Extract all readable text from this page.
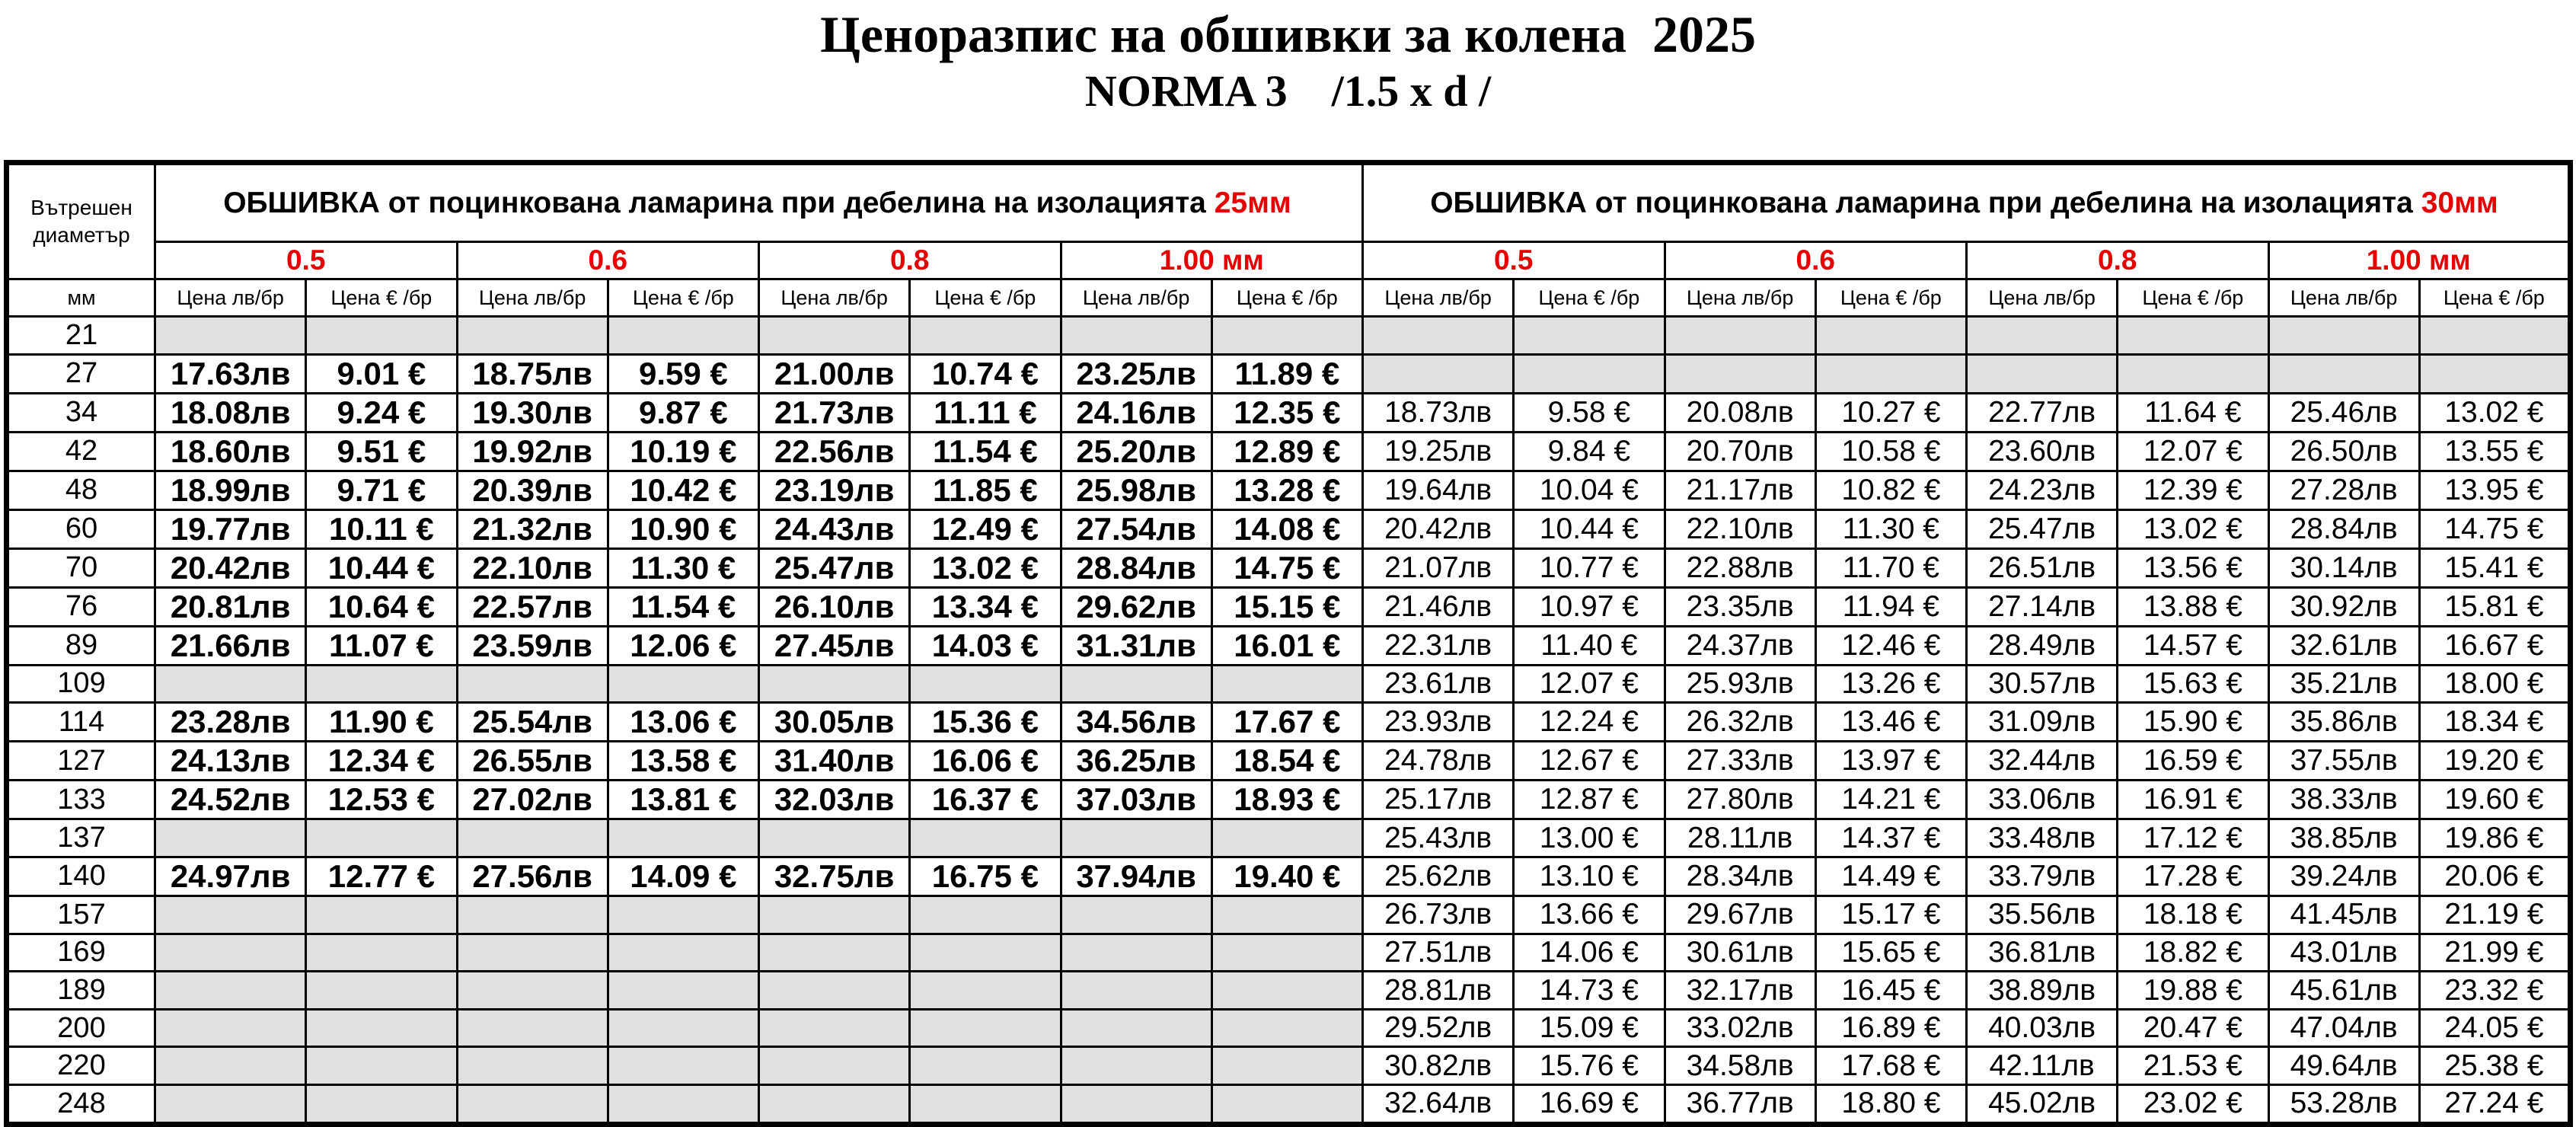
Ценоразпис на обшивки за колена  2025
NORMA 3    /1.5 x d /
Вътрешен диаметър	ОБШИВКА от поцинкована ламарина при дебелина на изолацията 25мм								ОБШИВКА от поцинкована ламарина при дебелина на изолацията 30мм							
	0.5		0.6		0.8		1.00 мм		0.5		0.6		0.8		1.00 мм	
мм	Цена лв/бр	Цена € /бр	Цена лв/бр	Цена € /бр	Цена лв/бр	Цена € /бр	Цена лв/бр	Цена € /бр	Цена лв/бр	Цена € /бр	Цена лв/бр	Цена € /бр	Цена лв/бр	Цена € /бр	Цена лв/бр	Цена € /бр
21																
27	17.63лв	9.01 €	18.75лв	9.59 €	21.00лв	10.74 €	23.25лв	11.89 €								
34	18.08лв	9.24 €	19.30лв	9.87 €	21.73лв	11.11 €	24.16лв	12.35 €	18.73лв	9.58 €	20.08лв	10.27 €	22.77лв	11.64 €	25.46лв	13.02 €
42	18.60лв	9.51 €	19.92лв	10.19 €	22.56лв	11.54 €	25.20лв	12.89 €	19.25лв	9.84 €	20.70лв	10.58 €	23.60лв	12.07 €	26.50лв	13.55 €
48	18.99лв	9.71 €	20.39лв	10.42 €	23.19лв	11.85 €	25.98лв	13.28 €	19.64лв	10.04 €	21.17лв	10.82 €	24.23лв	12.39 €	27.28лв	13.95 €
60	19.77лв	10.11 €	21.32лв	10.90 €	24.43лв	12.49 €	27.54лв	14.08 €	20.42лв	10.44 €	22.10лв	11.30 €	25.47лв	13.02 €	28.84лв	14.75 €
70	20.42лв	10.44 €	22.10лв	11.30 €	25.47лв	13.02 €	28.84лв	14.75 €	21.07лв	10.77 €	22.88лв	11.70 €	26.51лв	13.56 €	30.14лв	15.41 €
76	20.81лв	10.64 €	22.57лв	11.54 €	26.10лв	13.34 €	29.62лв	15.15 €	21.46лв	10.97 €	23.35лв	11.94 €	27.14лв	13.88 €	30.92лв	15.81 €
89	21.66лв	11.07 €	23.59лв	12.06 €	27.45лв	14.03 €	31.31лв	16.01 €	22.31лв	11.40 €	24.37лв	12.46 €	28.49лв	14.57 €	32.61лв	16.67 €
109									23.61лв	12.07 €	25.93лв	13.26 €	30.57лв	15.63 €	35.21лв	18.00 €
114	23.28лв	11.90 €	25.54лв	13.06 €	30.05лв	15.36 €	34.56лв	17.67 €	23.93лв	12.24 €	26.32лв	13.46 €	31.09лв	15.90 €	35.86лв	18.34 €
127	24.13лв	12.34 €	26.55лв	13.58 €	31.40лв	16.06 €	36.25лв	18.54 €	24.78лв	12.67 €	27.33лв	13.97 €	32.44лв	16.59 €	37.55лв	19.20 €
133	24.52лв	12.53 €	27.02лв	13.81 €	32.03лв	16.37 €	37.03лв	18.93 €	25.17лв	12.87 €	27.80лв	14.21 €	33.06лв	16.91 €	38.33лв	19.60 €
137									25.43лв	13.00 €	28.11лв	14.37 €	33.48лв	17.12 €	38.85лв	19.86 €
140	24.97лв	12.77 €	27.56лв	14.09 €	32.75лв	16.75 €	37.94лв	19.40 €	25.62лв	13.10 €	28.34лв	14.49 €	33.79лв	17.28 €	39.24лв	20.06 €
157									26.73лв	13.66 €	29.67лв	15.17 €	35.56лв	18.18 €	41.45лв	21.19 €
169									27.51лв	14.06 €	30.61лв	15.65 €	36.81лв	18.82 €	43.01лв	21.99 €
189									28.81лв	14.73 €	32.17лв	16.45 €	38.89лв	19.88 €	45.61лв	23.32 €
200									29.52лв	15.09 €	33.02лв	16.89 €	40.03лв	20.47 €	47.04лв	24.05 €
220									30.82лв	15.76 €	34.58лв	17.68 €	42.11лв	21.53 €	49.64лв	25.38 €
248									32.64лв	16.69 €	36.77лв	18.80 €	45.02лв	23.02 €	53.28лв	27.24 €
